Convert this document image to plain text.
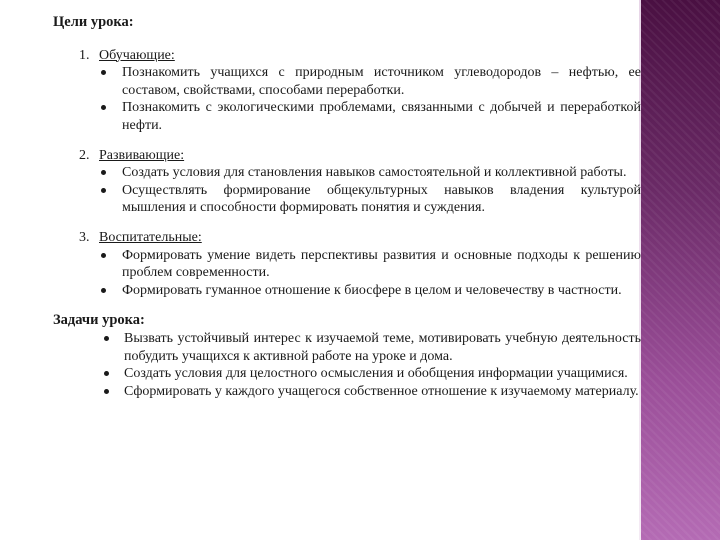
Цели урока:
1. Обучающие:
Познакомить учащихся с природным источником углеводородов – нефтью, ее составом, свойствами, способами переработки.
Познакомить с экологическими проблемами, связанными с добычей и переработкой нефти.
2. Развивающие:
Создать условия для становления навыков самостоятельной и коллективной работы.
Осуществлять формирование общекультурных навыков владения культурой мышления и способности формировать понятия и суждения.
3. Воспитательные:
Формировать умение видеть перспективы развития и основные подходы к решению проблем современности.
Формировать гуманное отношение к биосфере в целом и человечеству в частности.
Задачи урока:
Вызвать устойчивый интерес к изучаемой теме, мотивировать учебную деятельность побудить учащихся к активной работе на уроке и дома.
Создать условия для целостного осмысления и обобщения информации учащимися.
Сформировать у каждого учащегося собственное отношение к изучаемому материалу.
